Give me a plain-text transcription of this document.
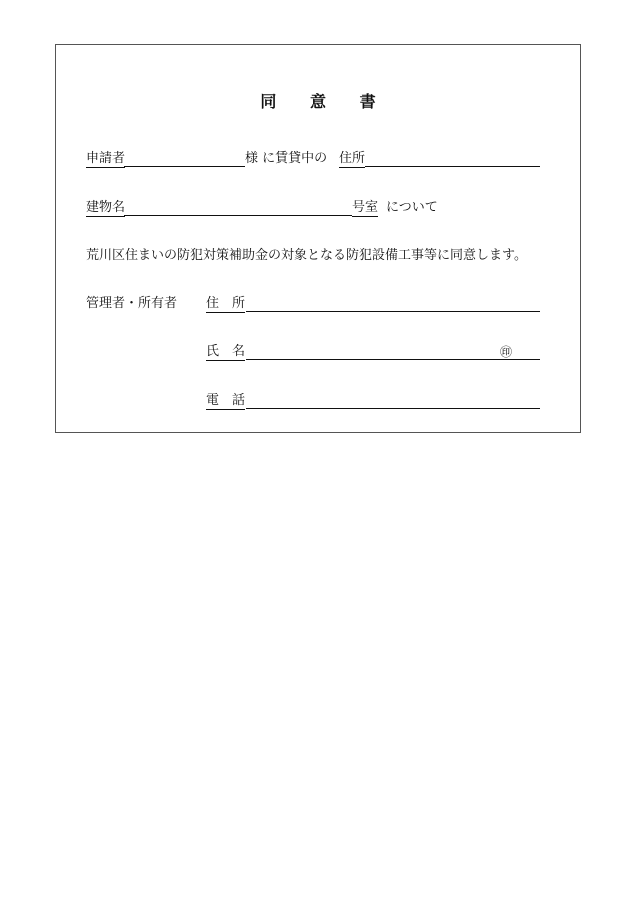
同 意 書
申請者	様 に賃貸中の 住所
建物名	号室 について
荒川区住まいの防犯対策補助金の対象となる防犯設備工事等に同意します。
管理者・所有者 住　所
氏　名	㊞
電　話
